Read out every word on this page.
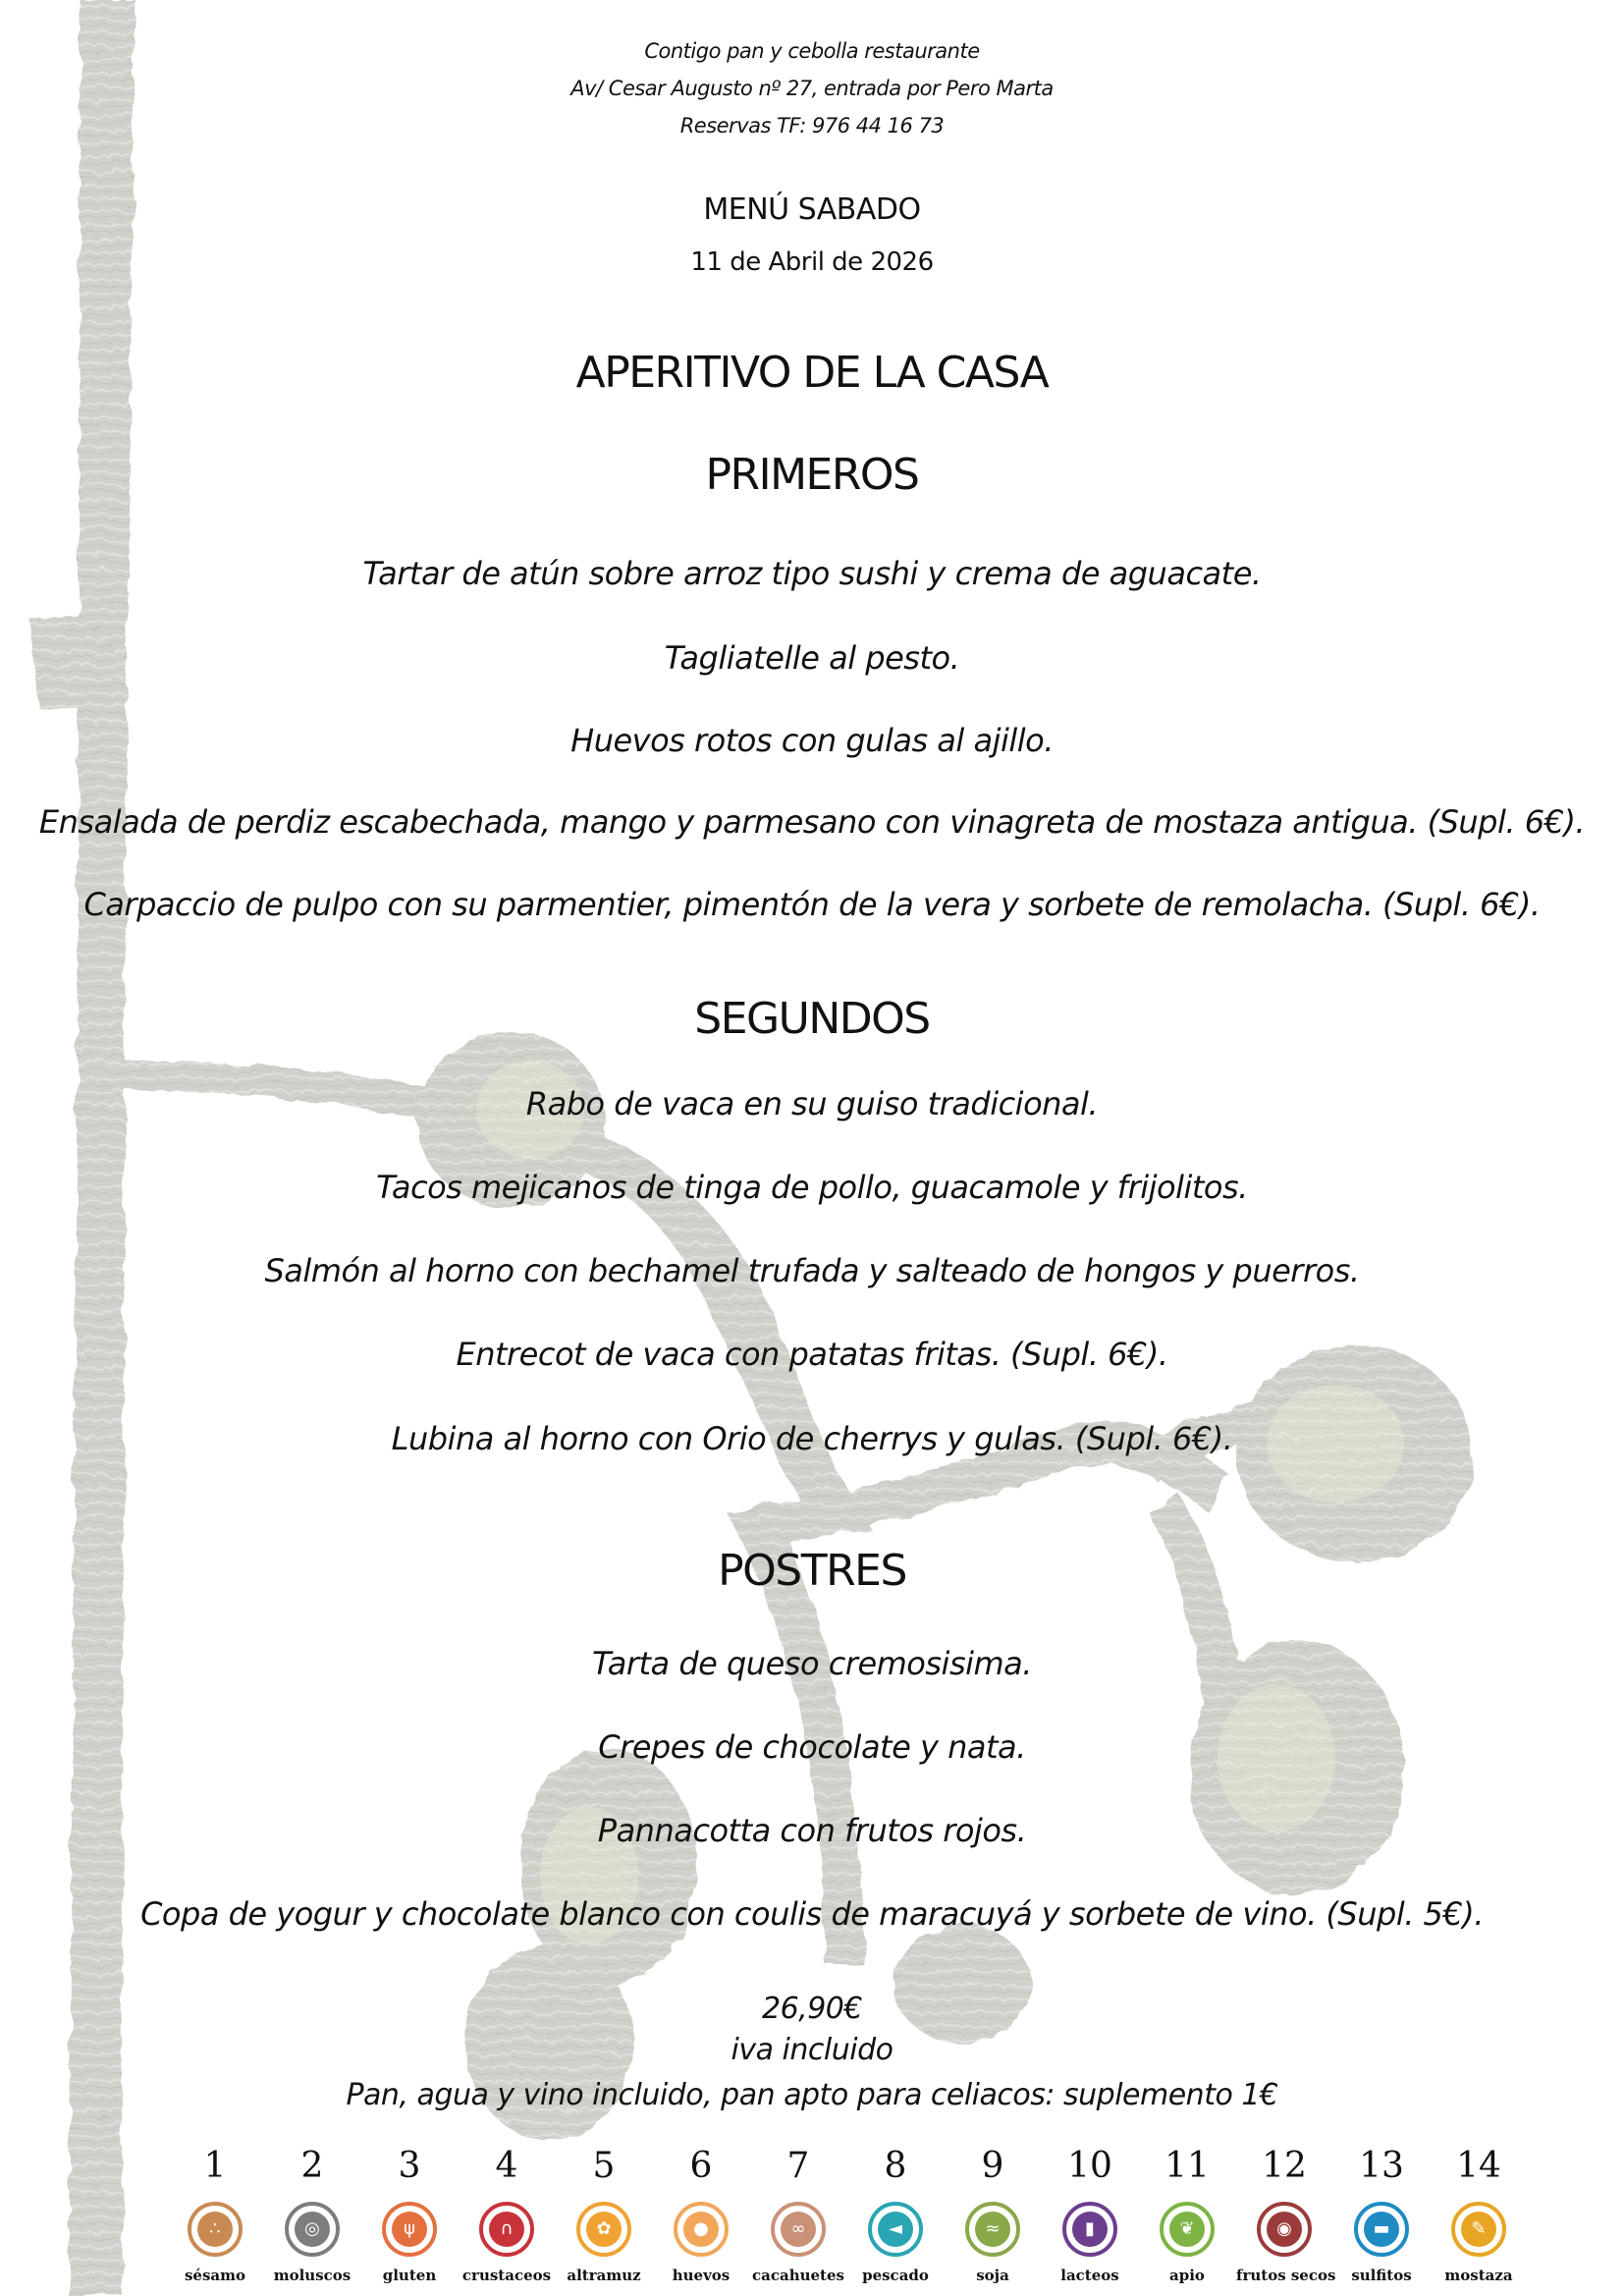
Contigo pan y cebolla restaurante
Av/ Cesar Augusto nº 27, entrada por Pero Marta
Reservas TF: 976 44 16 73
MENÚ SABADO
11 de Abril de 2026
APERITIVO DE LA CASA
PRIMEROS
Tartar de atún sobre arroz tipo sushi y crema de aguacate.
Tagliatelle al pesto.
Huevos rotos con gulas al ajillo.
Ensalada de perdiz escabechada, mango y parmesano con vinagreta de mostaza antigua. (Supl. 6€).
Carpaccio de pulpo con su parmentier, pimentón de la vera y sorbete de remolacha. (Supl. 6€).
SEGUNDOS
Rabo de vaca en su guiso tradicional.
Tacos mejicanos de tinga de pollo, guacamole y frijolitos.
Salmón al horno con bechamel trufada y salteado de hongos y puerros.
Entrecot de vaca con patatas fritas. (Supl. 6€).
Lubina al horno con Orio de cherrys y gulas. (Supl. 6€).
POSTRES
Tarta de queso cremosisima.
Crepes de chocolate y nata.
Pannacotta con frutos rojos.
Copa de yogur y chocolate blanco con coulis de maracuyá y sorbete de vino. (Supl. 5€).
26,90€
iva incluido
Pan, agua y vino incluido, pan apto para celiacos: suplemento 1€
1
∴
sésamo
2
◎
moluscos
3
ψ
gluten
4
∩
crustaceos
5
✿
altramuz
6
●
huevos
7
∞
cacahuetes
8
◄
pescado
9
≈
soja
10
▮
lacteos
11
❦
apio
12
◉
frutos secos
13
▬
sulfitos
14
✎
mostaza
